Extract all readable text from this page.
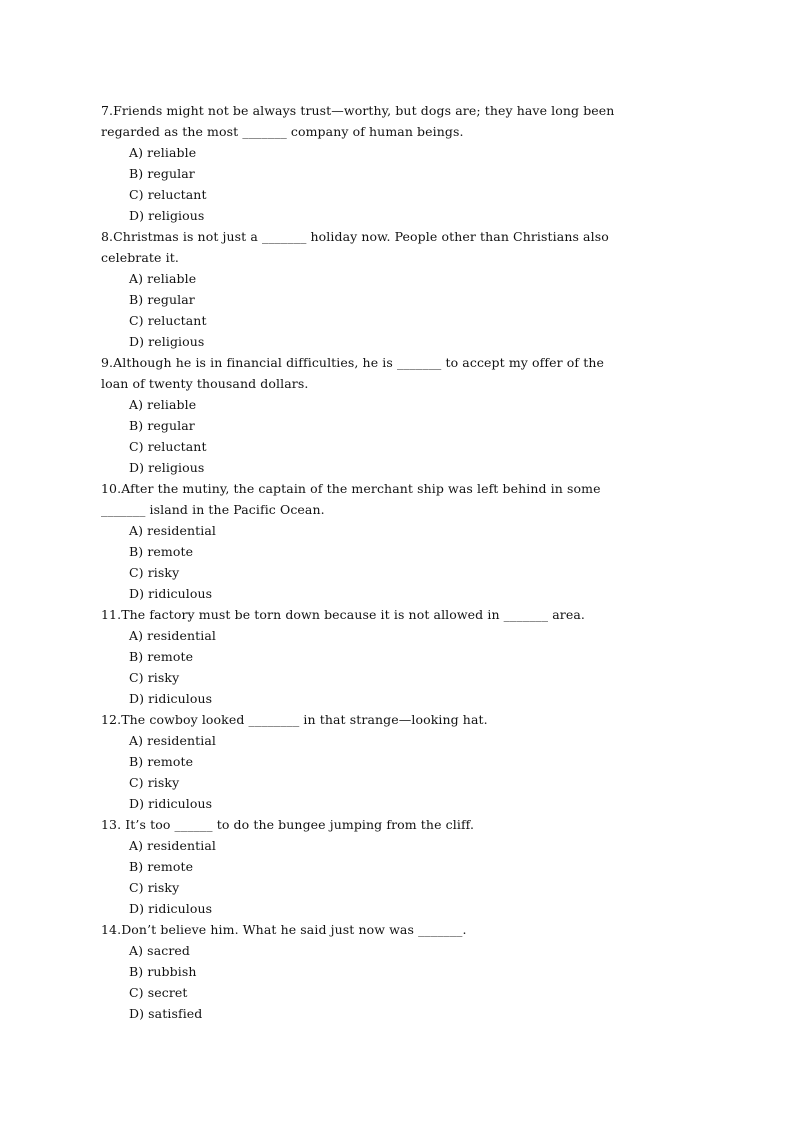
7.Friends might not be always trust—worthy, but dogs are; they have long been
regarded as the most _______ company of human beings.
A) reliable
B) regular
C) reluctant
D) religious
8.Christmas is not just a _______ holiday now. People other than Christians also
celebrate it.
A) reliable
B) regular
C) reluctant
D) religious
9.Although he is in financial difficulties, he is _______ to accept my offer of the
loan of twenty thousand dollars.
A) reliable
B) regular
C) reluctant
D) religious
10.After the mutiny, the captain of the merchant ship was left behind in some
_______ island in the Pacific Ocean.
A) residential
B) remote
C) risky
D) ridiculous
11.The factory must be torn down because it is not allowed in _______ area.
A) residential
B) remote
C) risky
D) ridiculous
12.The cowboy looked ________ in that strange—looking hat.
A) residential
B) remote
C) risky
D) ridiculous
13. It’s too ______ to do the bungee jumping from the cliff.
A) residential
B) remote
C) risky
D) ridiculous
14.Don’t believe him. What he said just now was _______.
A) sacred
B) rubbish
C) secret
D) satisfied
